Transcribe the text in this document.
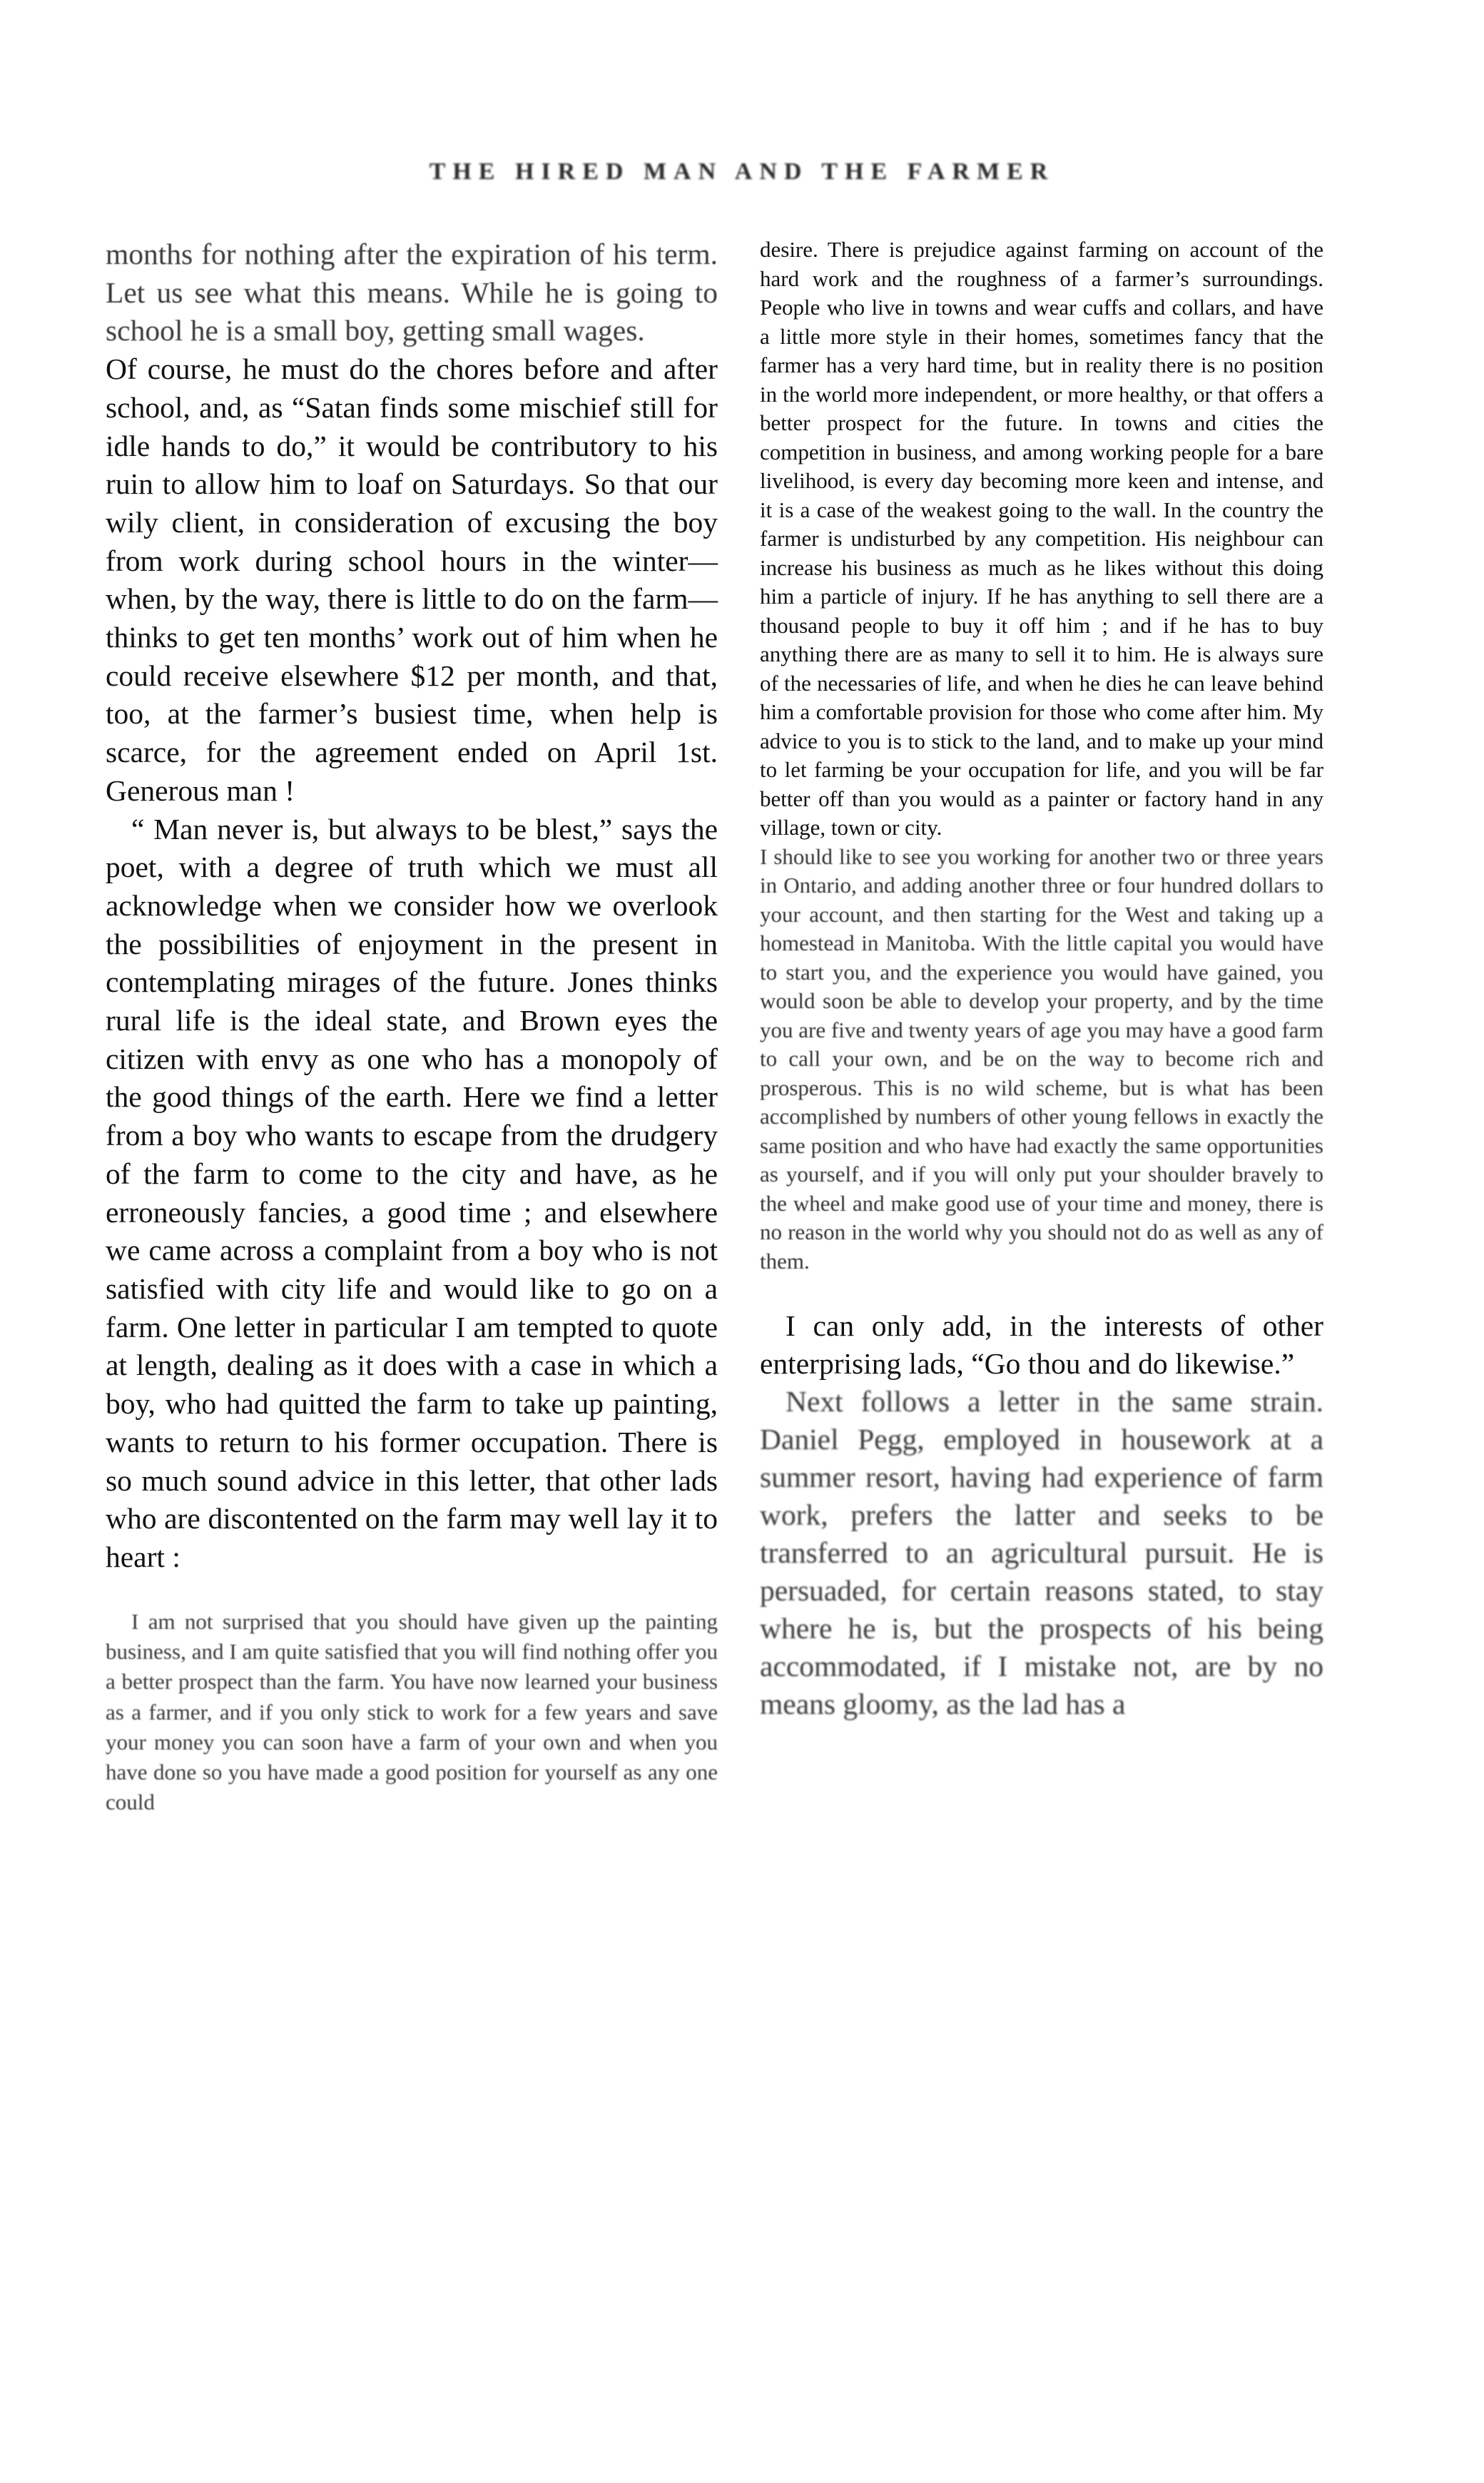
THE HIRED MAN AND THE FARMER

months for nothing after the expiration of his term. Let us see what this means. While he is going to school he is a small boy, getting small wages.

Of course, he must do the chores before and after school, and, as “Satan finds some mischief still for idle hands to do,” it would be contributory to his ruin to allow him to loaf on Saturdays. So that our wily client, in consideration of excusing the boy from work during school hours in the winter—when, by the way, there is little to do on the farm—thinks to get ten months’ work out of him when he could receive elsewhere $12 per month, and that, too, at the farmer’s busiest time, when help is scarce, for the agreement ended on April 1st. Generous man !

“ Man never is, but always to be blest,” says the poet, with a degree of truth which we must all acknowledge when we consider how we overlook the possibilities of enjoyment in the present in contemplating mirages of the future. Jones thinks rural life is the ideal state, and Brown eyes the citizen with envy as one who has a monopoly of the good things of the earth. Here we find a letter from a boy who wants to escape from the drudgery of the farm to come to the city and have, as he erroneously fancies, a good time ; and elsewhere we came across a complaint from a boy who is not satisfied with city life and would like to go on a farm. One letter in particular I am tempted to quote at length, dealing as it does with a case in which a boy, who had quitted the farm to take up painting, wants to return to his former occupation. There is so much sound advice in this letter, that other lads who are discontented on the farm may well lay it to heart :

I am not surprised that you should have given up the painting business, and I am quite satisfied that you will find nothing offer you a better prospect than the farm. You have now learned your business as a farmer, and if you only stick to work for a few years and save your money you can soon have a farm of your own and when you have done so you have made a good position for yourself as any one could

desire. There is prejudice against farming on account of the hard work and the roughness of a farmer’s surroundings. People who live in towns and wear cuffs and collars, and have a little more style in their homes, sometimes fancy that the farmer has a very hard time, but in reality there is no position in the world more independent, or more healthy, or that offers a better prospect for the future. In towns and cities the competition in business, and among working people for a bare livelihood, is every day becoming more keen and intense, and it is a case of the weakest going to the wall. In the country the farmer is undisturbed by any competition. His neighbour can increase his business as much as he likes without this doing him a particle of injury. If he has anything to sell there are a thousand people to buy it off him ; and if he has to buy anything there are as many to sell it to him. He is always sure of the necessaries of life, and when he dies he can leave behind him a comfortable provision for those who come after him. My advice to you is to stick to the land, and to make up your mind to let farming be your occupation for life, and you will be far better off than you would as a painter or factory hand in any village, town or city.

I should like to see you working for another two or three years in Ontario, and adding another three or four hundred dollars to your account, and then starting for the West and taking up a homestead in Manitoba. With the little capital you would have to start you, and the experience you would have gained, you would soon be able to develop your property, and by the time you are five and twenty years of age you may have a good farm to call your own, and be on the way to become rich and prosperous. This is no wild scheme, but is what has been accomplished by numbers of other young fellows in exactly the same position and who have had exactly the same opportunities as yourself, and if you will only put your shoulder bravely to the wheel and make good use of your time and money, there is no reason in the world why you should not do as well as any of them.

I can only add, in the interests of other enterprising lads, “Go thou and do likewise.”

Next follows a letter in the same strain. Daniel Pegg, employed in housework at a summer resort, having had experience of farm work, prefers the latter and seeks to be transferred to an agricultural pursuit. He is persuaded, for certain reasons stated, to stay where he is, but the prospects of his being accommodated, if I mistake not, are by no means gloomy, as the lad has a
